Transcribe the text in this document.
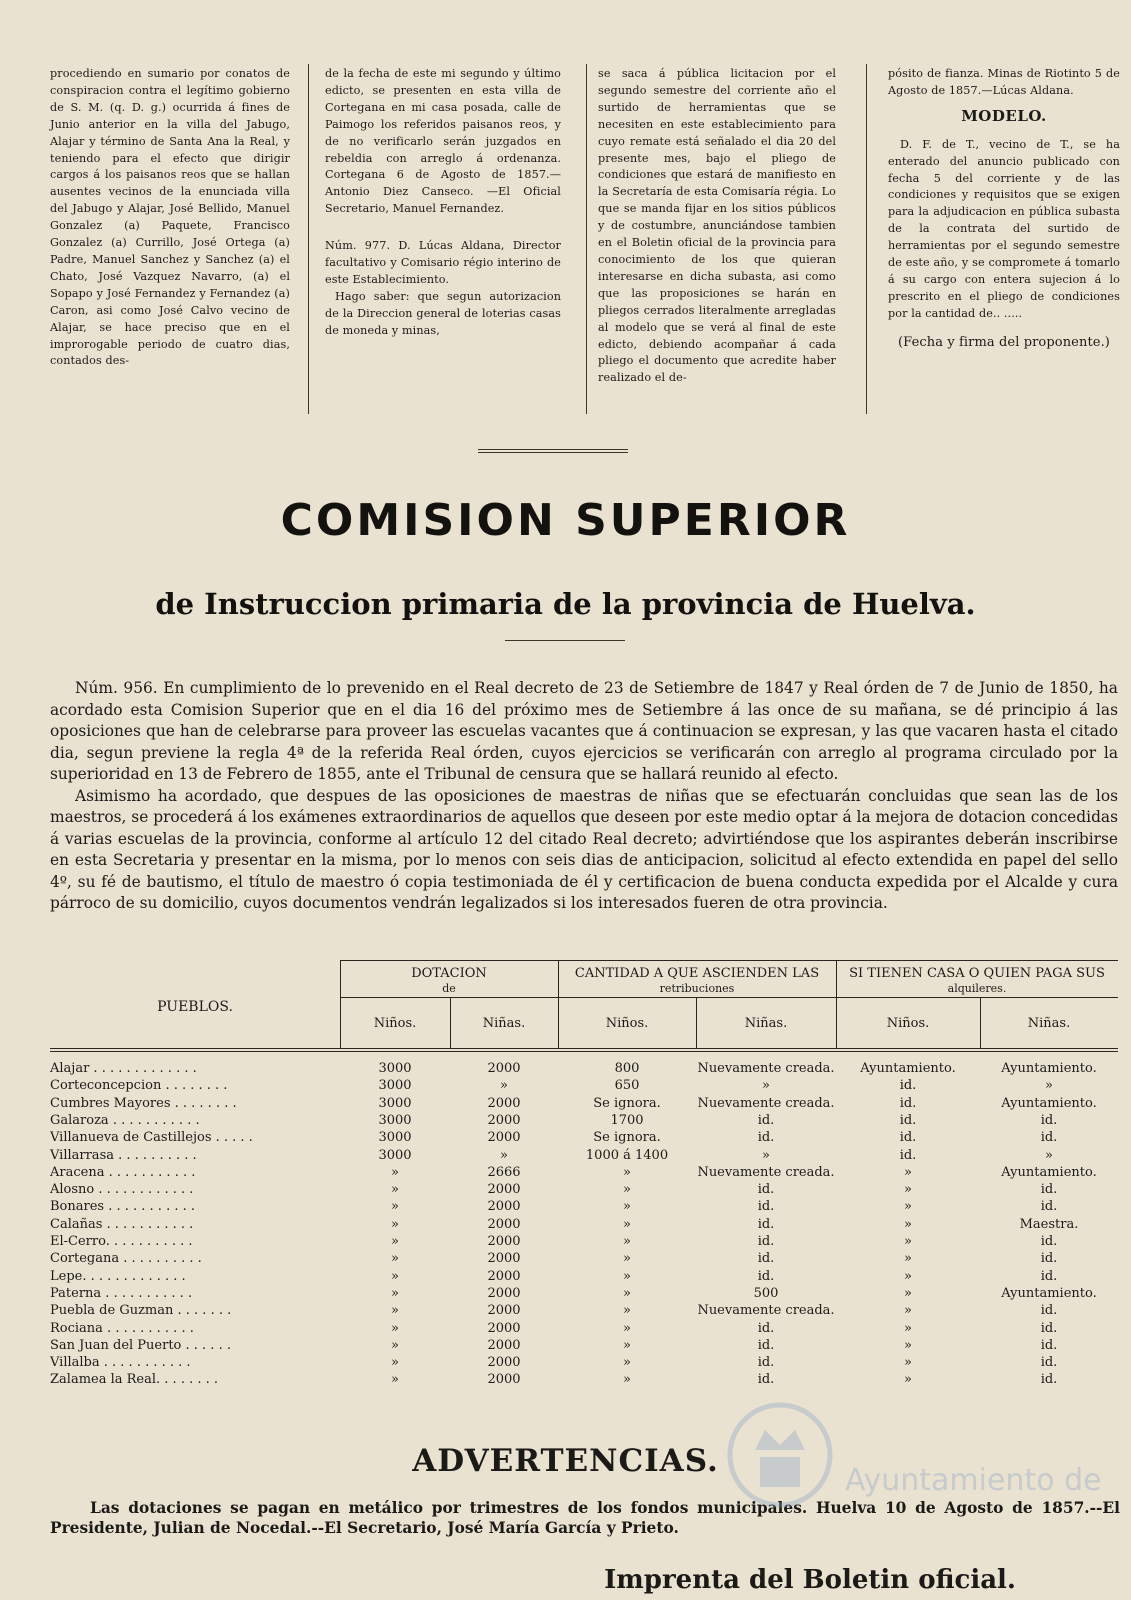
procediendo en sumario por conatos de conspiracion contra el legítimo gobierno de S. M. (q. D. g.) ocurrida á fines de Junio anterior en la villa del Jabugo, Alajar y término de Santa Ana la Real, y teniendo para el efecto que dirigir cargos á los paisanos reos que se hallan ausentes vecinos de la enunciada villa del Jabugo y Alajar, José Bellido, Manuel Gonzalez (a) Paquete, Francisco Gonzalez (a) Currillo, José Ortega (a) Padre, Manuel Sanchez y Sanchez (a) el Chato, José Vazquez Navarro, (a) el Sopapo y José Fernandez y Fernandez (a) Caron, asi como José Calvo vecino de Alajar, se hace preciso que en el improrogable periodo de cuatro dias, contados des-

de la fecha de este mi segundo y último edicto, se presenten en esta villa de Cortegana en mi casa posada, calle de Paimogo los referidos paisanos reos, y de no verificarlo serán juzgados en rebeldia con arreglo á ordenanza. Cortegana 6 de Agosto de 1857.—Antonio Diez Canseco. —El Oficial Secretario, Manuel Fernandez.

Núm. 977. D. Lúcas Aldana, Director facultativo y Comisario régio interino de este Establecimiento.

Hago saber: que segun autorizacion de la Direccion general de loterias casas de moneda y minas,

se saca á pública licitacion por el segundo semestre del corriente año el surtido de herramientas que se necesiten en este establecimiento para cuyo remate está señalado el dia 20 del presente mes, bajo el pliego de condiciones que estará de manifiesto en la Secretaría de esta Comisaría régia. Lo que se manda fijar en los sitios públicos y de costumbre, anunciándose tambien en el Boletin oficial de la provincia para conocimiento de los que quieran interesarse en dicha subasta, asi como que las proposiciones se harán en pliegos cerrados literalmente arregladas al modelo que se verá al final de este edicto, debiendo acompañar á cada pliego el documento que acredite haber realizado el de-

pósito de fianza. Minas de Riotinto 5 de Agosto de 1857.—Lúcas Aldana.

MODELO.

D. F. de T., vecino de T., se ha enterado del anuncio publicado con fecha 5 del corriente y de las condiciones y requisitos que se exigen para la adjudicacion en pública subasta de la contrata del surtido de herramientas por el segundo semestre de este año, y se compromete á tomarlo á su cargo con entera sujecion á lo prescrito en el pliego de condiciones por la cantidad de.. .....

(Fecha y firma del proponente.)
COMISION SUPERIOR
de Instruccion primaria de la provincia de Huelva.

Núm. 956. En cumplimiento de lo prevenido en el Real decreto de 23 de Setiembre de 1847 y Real órden de 7 de Junio de 1850, ha acordado esta Comision Superior que en el dia 16 del próximo mes de Setiembre á las once de su mañana, se dé principio á las oposiciones que han de celebrarse para proveer las escuelas vacantes que á continuacion se expresan, y las que vacaren hasta el citado dia, segun previene la regla 4ª de la referida Real órden, cuyos ejercicios se verificarán con arreglo al programa circulado por la superioridad en 13 de Febrero de 1855, ante el Tribunal de censura que se hallará reunido al efecto.

Asimismo ha acordado, que despues de las oposiciones de maestras de niñas que se efectuarán concluidas que sean las de los maestros, se procederá á los exámenes extraordinarios de aquellos que deseen por este medio optar á la mejora de dotacion concedidas á varias escuelas de la provincia, conforme al artículo 12 del citado Real decreto; advirtiéndose que los aspirantes deberán inscribirse en esta Secretaria y presentar en la misma, por lo menos con seis dias de anticipacion, solicitud al efecto extendida en papel del sello 4º, su fé de bautismo, el título de maestro ó copia testimoniada de él y certificacion de buena conducta expedida por el Alcalde y cura párroco de su domicilio, cuyos documentos vendrán legalizados si los interesados fueren de otra provincia.

PUEBLOS.
DOTACION
de
CANTIDAD A QUE ASCIENDEN LAS
retribuciones
SI TIENEN CASA O QUIEN PAGA SUS
alquileres.
Niños.	Niñas.	Niños.	Niñas.	Niños.	Niñas.
Alajar . . . . . . . . . . . . .	3000	2000	800	Nuevamente creada.	Ayuntamiento.	Ayuntamiento.
Corteconcepcion . . . . . . . .	3000	»	650	»	id.	»
Cumbres Mayores . . . . . . . .	3000	2000	Se ignora.	Nuevamente creada.	id.	Ayuntamiento.
Galaroza . . . . . . . . . . .	3000	2000	1700	id.	id.	id.
Villanueva de Castillejos . . . . .	3000	2000	Se ignora.	id.	id.	id.
Villarrasa . . . . . . . . . .	3000	»	1000 á 1400	»	id.	»
Aracena . . . . . . . . . . .	»	2666	»	Nuevamente creada.	»	Ayuntamiento.
Alosno . . . . . . . . . . . .	»	2000	»	id.	»	id.
Bonares . . . . . . . . . . .	»	2000	»	id.	»	id.
Calañas . . . . . . . . . . .	»	2000	»	id.	»	Maestra.
El-Cerro. . . . . . . . . . .	»	2000	»	id.	»	id.
Cortegana . . . . . . . . . .	»	2000	»	id.	»	id.
Lepe. . . . . . . . . . . . .	»	2000	»	id.	»	id.
Paterna . . . . . . . . . . .	»	2000	»	500	»	Ayuntamiento.
Puebla de Guzman . . . . . . .	»	2000	»	Nuevamente creada.	»	id.
Rociana . . . . . . . . . . .	»	2000	»	id.	»	id.
San Juan del Puerto . . . . . .	»	2000	»	id.	»	id.
Villalba . . . . . . . . . . .	»	2000	»	id.	»	id.
Zalamea la Real. . . . . . . .	»	2000	»	id.	»	id.
ADVERTENCIAS.

Las dotaciones se pagan en metálico por trimestres de los fondos municipales. Huelva 10 de Agosto de 1857.--El Presidente, Julian de Nocedal.--El Secretario, José María García y Prieto.

Imprenta del Boletin oficial.
Ayuntamiento de
